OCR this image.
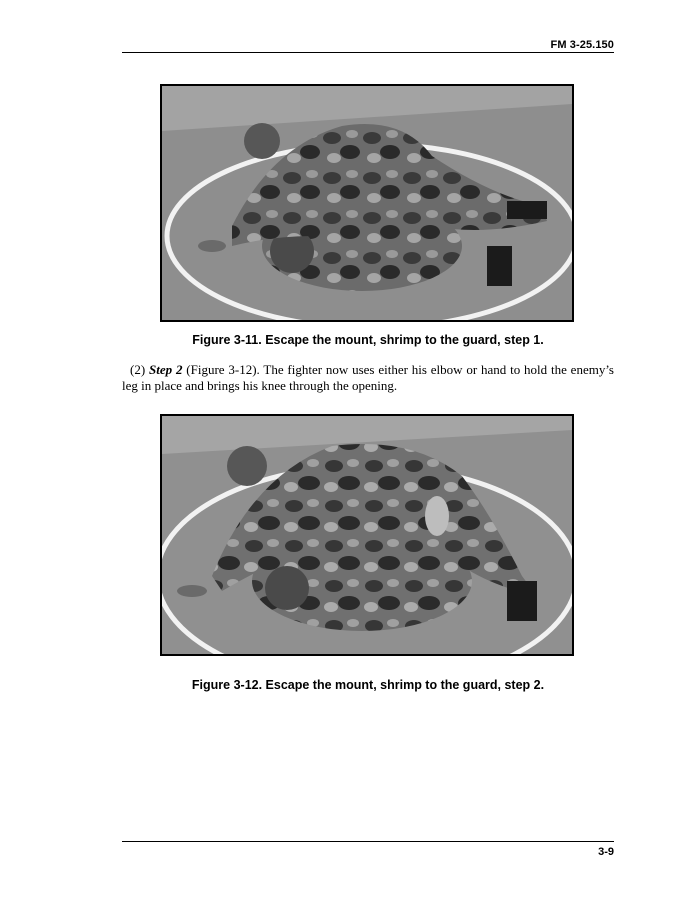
FM 3-25.150
Figure 3-11. Escape the mount, shrimp to the guard, step 1.

(2) Step 2 (Figure 3-12). The fighter now uses either his elbow or hand to hold the enemy’s leg in place and brings his knee through the opening.

Figure 3-12. Escape the mount, shrimp to the guard, step 2.
3-9
